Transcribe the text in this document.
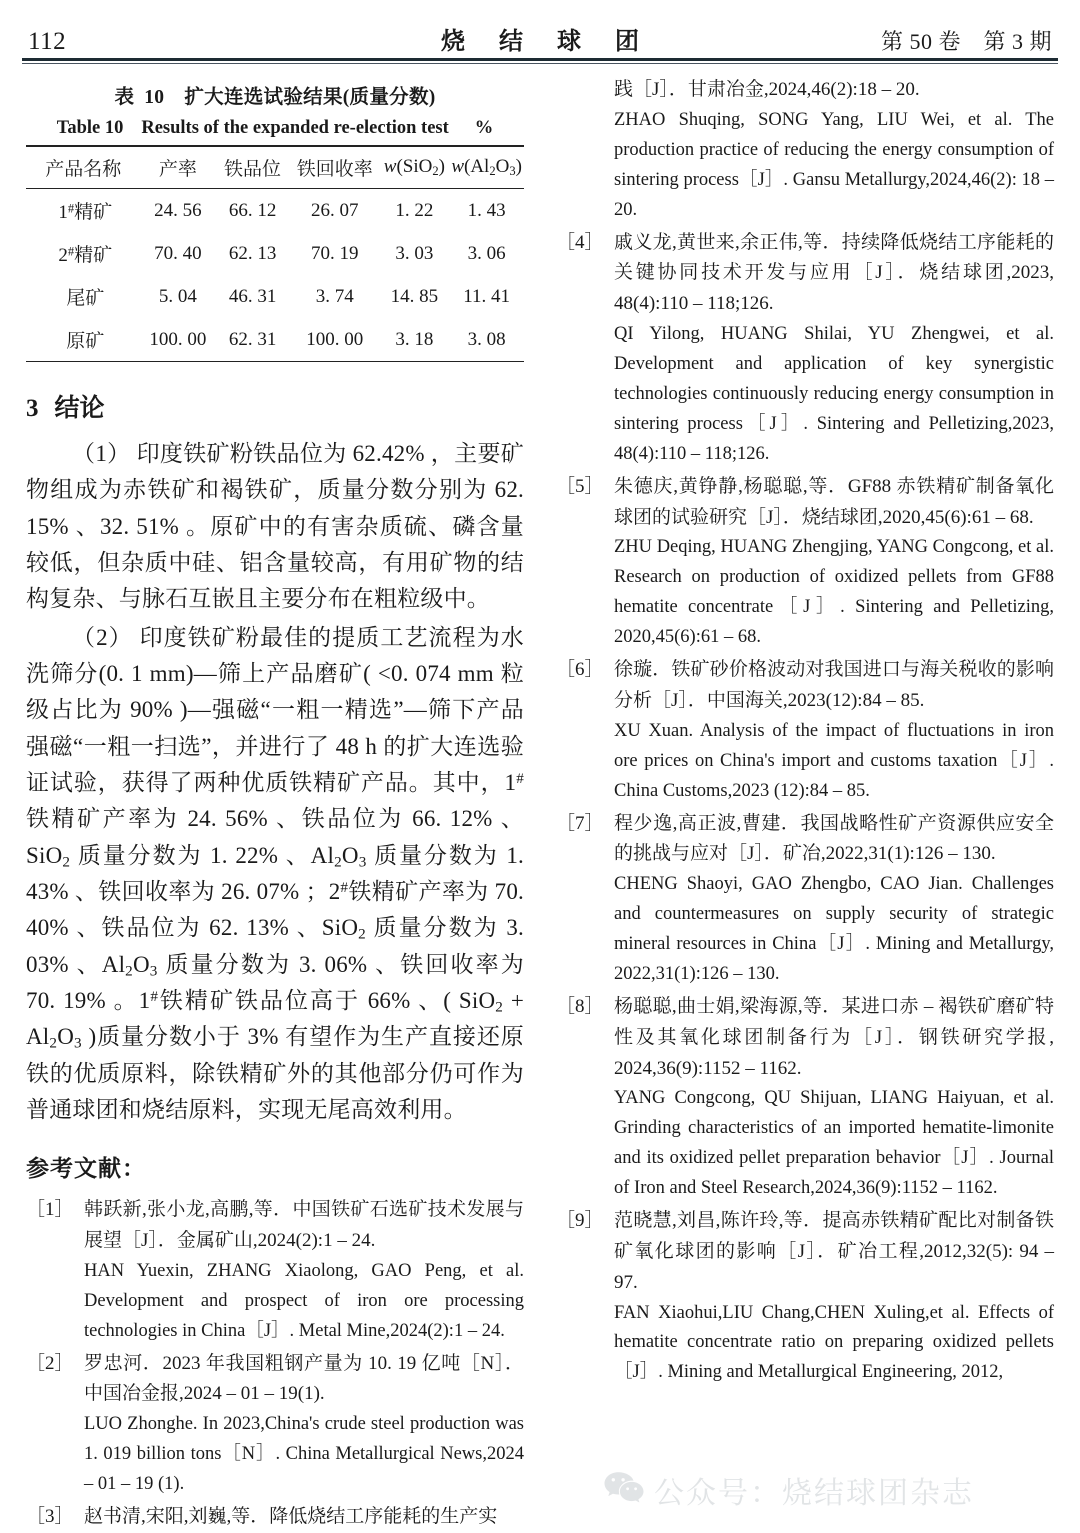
112	烧 结 球 团	第 50 卷　第 3 期
表 10 扩大连选试验结果(质量分数)
Table 10 Results of the expanded re-election test %
产品名称	产率	铁品位	铁回收率	w(SiO$_2$)	$w(Al_2O_3)$
1#精矿	24. 56	66. 12	26. 07	1. 22	1. 43
2#精矿	70. 40	62. 13	70. 19	3. 03	3. 06
尾矿	5. 04	46. 31	3. 74	14. 85	11. 41
原矿	100. 00	62. 31	100. 00	3. 18	3. 08
3 结论

（1） 印度铁矿粉铁品位为 62.42% ，主要矿物组成为赤铁矿和褐铁矿，质量分数分别为 62. 15% 、32. 51% 。原矿中的有害杂质硫、磷含量较低，但杂质中硅、铝含量较高，有用矿物的结构复杂、与脉石互嵌且主要分布在粗粒级中。

（2） 印度铁矿粉最佳的提质工艺流程为水洗筛分(0. 1 mm)—筛上产品磨矿( <0. 074 mm 粒级占比为 90% )—强磁“一粗一精选”—筛下产品强磁“一粗一扫选”，并进行了 48 h 的扩大连选验证试验，获得了两种优质铁精矿产品。其中，1#铁精矿产率为 24. 56% 、铁品位为 66. 12% 、SiO$_2$ 质量分数为 1. 22% 、$Al_2O_3$ 质量分数为 1. 43% 、铁回收率为 26. 07% ；2#铁精矿产率为 70. 40% 、铁品位为 62. 13% 、SiO$_2$ 质量分数为 3. 03% 、$Al_2O_3$ 质量分数为 3. 06% 、铁回收率为 70. 19% 。1#铁精矿铁品位高于 66% 、( $SiO_2 + Al_2O_3$ )质量分数小于 3% 有望作为生产直接还原铁的优质原料，除铁精矿外的其他部分仍可作为普通球团和烧结原料，实现无尾高效利用。

参考文献：
［1］ 韩跃新,张小龙,高鹏,等．中国铁矿石选矿技术发展与展望［J］．金属矿山,2024(2):1 – 24.
HAN Yuexin, ZHANG Xiaolong, GAO Peng, et al. Development and prospect of iron ore processing technologies in China［J］. Metal Mine,2024(2):1 – 24.
［2］ 罗忠河．2023 年我国粗钢产量为 10. 19 亿吨［N］．中国冶金报,2024 – 01 – 19(1).
LUO Zhonghe. In 2023,China's crude steel production was 1. 019 billion tons［N］. China Metallurgical News,2024 – 01 – 19 (1).
［3］ 赵书清,宋阳,刘巍,等．降低烧结工序能耗的生产实
践［J］．甘肃冶金,2024,46(2):18 – 20.
ZHAO Shuqing, SONG Yang, LIU Wei, et al. The production practice of reducing the energy consumption of sintering process［J］. Gansu Metallurgy,2024,46(2): 18 – 20.
［4］ 戚义龙,黄世来,余正伟,等．持续降低烧结工序能耗的关键协同技术开发与应用［J］．烧结球团,2023, 48(4):110 – 118;126.
QI Yilong, HUANG Shilai, YU Zhengwei, et al. Development and application of key synergistic technologies continuously reducing energy consumption in sintering process［J］. Sintering and Pelletizing,2023, 48(4):110 – 118;126.
［5］ 朱德庆,黄铮静,杨聪聪,等．GF88 赤铁精矿制备氧化球团的试验研究［J］．烧结球团,2020,45(6):61 – 68.
ZHU Deqing, HUANG Zhengjing, YANG Congcong, et al. Research on production of oxidized pellets from GF88 hematite concentrate［J］. Sintering and Pelletizing, 2020,45(6):61 – 68.
［6］ 徐璇．铁矿砂价格波动对我国进口与海关税收的影响分析［J］．中国海关,2023(12):84 – 85.
XU Xuan. Analysis of the impact of fluctuations in iron ore prices on China's import and customs taxation［J］. China Customs,2023 (12):84 – 85.
［7］ 程少逸,高正波,曹建．我国战略性矿产资源供应安全的挑战与应对［J］．矿冶,2022,31(1):126 – 130.
CHENG Shaoyi, GAO Zhengbo, CAO Jian. Challenges and countermeasures on supply security of strategic mineral resources in China［J］. Mining and Metallurgy, 2022,31(1):126 – 130.
［8］ 杨聪聪,曲士娟,梁海源,等．某进口赤 – 褐铁矿磨矿特性及其氧化球团制备行为［J］．钢铁研究学报, 2024,36(9):1152 – 1162.
YANG Congcong, QU Shijuan, LIANG Haiyuan, et al. Grinding characteristics of an imported hematite-limonite and its oxidized pellet preparation behavior［J］. Journal of Iron and Steel Research,2024,36(9):1152 – 1162.
［9］ 范晓慧,刘昌,陈许玲,等．提高赤铁精矿配比对制备铁矿氧化球团的影响［J］．矿冶工程,2012,32(5): 94 – 97.
FAN Xiaohui,LIU Chang,CHEN Xuling,et al. Effects of hematite concentrate ratio on preparing oxidized pellets ［J］. Mining and Metallurgical Engineering, 2012,
公众号：烧结球团杂志
